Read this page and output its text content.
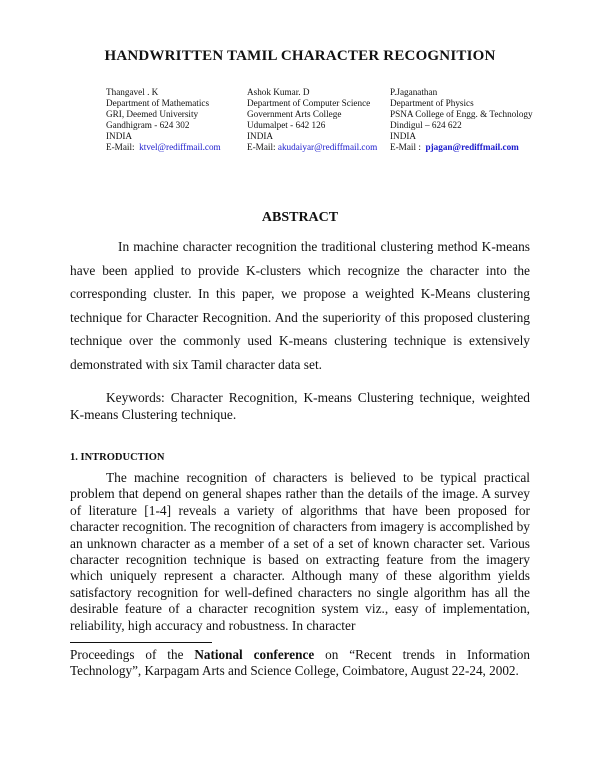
HANDWRITTEN TAMIL CHARACTER RECOGNITION
Thangavel . K
Department of Mathematics
GRI, Deemed University
Gandhigram - 624 302
INDIA
E-Mail: ktvel@rediffmail.com
Ashok Kumar. D
Department of Computer Science
Government Arts College
Udumalpet - 642 126
INDIA
E-Mail: akudaiyar@rediffmail.com
P.Jaganathan
Department of Physics
PSNA College of Engg. & Technology
Dindigul – 624 622
INDIA
E-Mail : pjagan@rediffmail.com
ABSTRACT
In machine character recognition the traditional clustering method K-means have been applied to provide K-clusters which recognize the character into the corresponding cluster. In this paper, we propose a weighted K-Means clustering technique for Character Recognition. And the superiority of this proposed clustering technique over the commonly used K-means clustering technique is extensively demonstrated with six Tamil character data set.
Keywords: Character Recognition, K-means Clustering technique, weighted K-means Clustering technique.
1. INTRODUCTION
The machine recognition of characters is believed to be typical practical problem that depend on general shapes rather than the details of the image. A survey of literature [1-4] reveals a variety of algorithms that have been proposed for character recognition. The recognition of characters from imagery is accomplished by an unknown character as a member of a set of a set of known character set. Various character recognition technique is based on extracting feature from the imagery which uniquely represent a character. Although many of these algorithm yields satisfactory recognition for well-defined characters no single algorithm has all the desirable feature of a character recognition system viz., easy of implementation, reliability, high accuracy and robustness. In character
Proceedings of the National conference on “Recent trends in Information Technology”, Karpagam Arts and Science College, Coimbatore, August 22-24, 2002.
